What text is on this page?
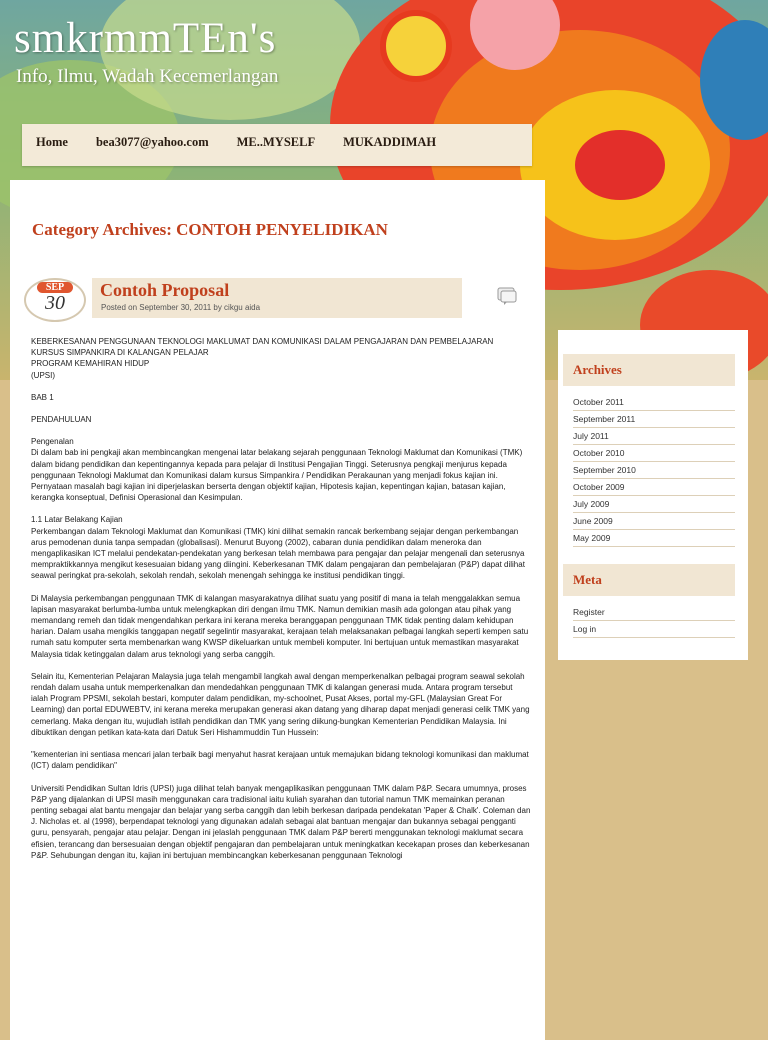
smkrmmTEn's
Info, Ilmu, Wadah Kecemerlangan
Home	bea3077@yahoo.com	ME..MYSELF	MUKADDIMAH
Category Archives: CONTOH PENYELIDIKAN
SEP
30
Contoh Proposal
Posted on September 30, 2011 by cikgu aida

KEBERKESANAN PENGGUNAAN TEKNOLOGI MAKLUMAT DAN KOMUNIKASI DALAM PENGAJARAN DAN PEMBELAJARAN
KURSUS SIMPANKIRA DI KALANGAN PELAJAR
PROGRAM KEMAHIRAN HIDUP
(UPSI)

BAB 1

PENDAHULUAN

Pengenalan
Di dalam bab ini pengkaji akan membincangkan mengenai latar belakang sejarah penggunaan Teknologi Maklumat dan Komunikasi (TMK) dalam bidang pendidikan dan kepentingannya kepada para pelajar di Institusi Pengajian Tinggi. Seterusnya pengkaji menjurus kepada penggunaan Teknologi Maklumat dan Komunikasi dalam kursus Simpankira / Pendidikan Perakaunan yang menjadi fokus kajian ini. Pernyataan masalah bagi kajian ini diperjelaskan berserta dengan objektif kajian, Hipotesis kajian, kepentingan kajian, batasan kajian, kerangka konseptual, Definisi Operasional dan Kesimpulan.

1.1 Latar Belakang Kajian
Perkembangan dalam Teknologi Maklumat dan Komunikasi (TMK) kini dilihat semakin rancak berkembang sejajar dengan perkembangan arus pemodenan dunia tanpa sempadan (globalisasi). Menurut Buyong (2002), cabaran dunia pendidikan dalam meneroka dan mengaplikasikan ICT melalui pendekatan-pendekatan yang berkesan telah membawa para pengajar dan pelajar mengenali dan seterusnya mempraktikkannya mengikut kesesuaian bidang yang diingini. Keberkesanan TMK dalam pengajaran dan pembelajaran (P&P) dapat dilihat seawal peringkat pra-sekolah, sekolah rendah, sekolah menengah sehingga ke institusi pendidikan tinggi.

Di Malaysia perkembangan penggunaan TMK di kalangan masyarakatnya dilihat suatu yang positif di mana ia telah menggalakkan semua lapisan masyarakat berlumba-lumba untuk melengkapkan diri dengan ilmu TMK. Namun demikian masih ada golongan atau pihak yang memandang remeh dan tidak mengendahkan perkara ini kerana mereka beranggapan penggunaan TMK tidak penting dalam kehidupan harian. Dalam usaha mengikis tanggapan negatif segelintir masyarakat, kerajaan telah melaksanakan pelbagai langkah seperti kempen satu rumah satu komputer serta membenarkan wang KWSP dikeluarkan untuk membeli komputer. Ini bertujuan untuk memastikan masyarakat Malaysia tidak ketinggalan dalam arus teknologi yang serba canggih.

Selain itu, Kementerian Pelajaran Malaysia juga telah mengambil langkah awal dengan memperkenalkan pelbagai program seawal sekolah rendah dalam usaha untuk memperkenalkan dan mendedahkan penggunaan TMK di kalangan generasi muda. Antara program tersebut ialah Program PPSMI, sekolah bestari, komputer dalam pendidikan, my-schoolnet, Pusat Akses, portal my-GFL (Malaysian Great For Learning) dan portal EDUWEBTV, ini kerana mereka merupakan generasi akan datang yang diharap dapat menjadi generasi celik TMK yang cemerlang. Maka dengan itu, wujudlah istilah pendidikan dan TMK yang sering diikung-bungkan Kementerian Pendidikan Malaysia. Ini dibuktikan dengan petikan kata-kata dari Datuk Seri Hishammuddin Tun Hussein:

"kementerian ini sentiasa mencari jalan terbaik bagi menyahut hasrat kerajaan untuk memajukan bidang teknologi komunikasi dan maklumat (ICT) dalam pendidikan"

Universiti Pendidikan Sultan Idris (UPSI) juga dilihat telah banyak mengaplikasikan penggunaan TMK dalam P&P. Secara umumnya, proses P&P yang dijalankan di UPSI masih menggunakan cara tradisional iaitu kuliah syarahan dan tutorial namun TMK memainkan peranan penting sebagai alat bantu mengajar dan belajar yang serba canggih dan lebih berkesan daripada pendekatan 'Paper & Chalk'. Coleman dan J. Nicholas et. al (1998), berpendapat teknologi yang digunakan adalah sebagai alat bantuan mengajar dan bukannya sebagai pengganti guru, pensyarah, pengajar atau pelajar. Dengan ini jelaslah penggunaan TMK dalam P&P bererti menggunakan teknologi maklumat secara efisien, terancang dan bersesuaian dengan objektif pengajaran dan pembelajaran untuk meningkatkan kecekapan proses dan keberkesanan P&P. Sehubungan dengan itu, kajian ini bertujuan membincangkan keberkesanan penggunaan Teknologi

Archives
October 2011
September 2011
July 2011
October 2010
September 2010
October 2009
July 2009
June 2009
May 2009
Meta
Register
Log in
